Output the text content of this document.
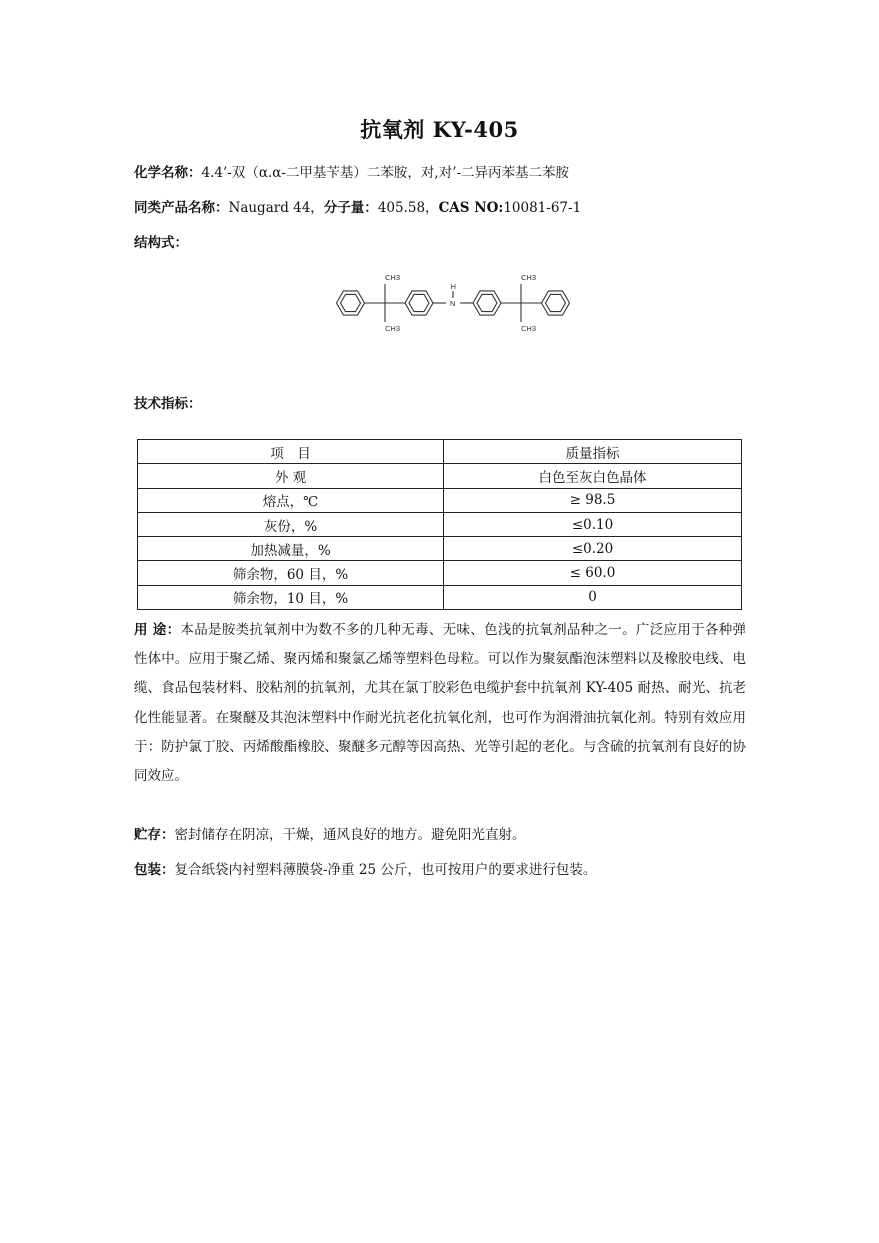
抗氧剂 KY-405
化学名称：4.4’-双（α.α-二甲基苄基）二苯胺，对,对’-二异丙苯基二苯胺
同类产品名称：Naugard 44，分子量：405.58，CAS NO:10081-67-1
结构式：
CH3
CH3
CH3
CH3
H
N
技术指标：
项　目	质量指标
外 观	白色至灰白色晶体
熔点，℃	≥ 98.5
灰份，%	≤0.10
加热减量，%	≤0.20
筛余物，60 目，%	≤ 60.0
筛余物，10 目，%	0

用 途：本品是胺类抗氧剂中为数不多的几种无毒、无味、色浅的抗氧剂品种之一。广泛应用于各种弹性体中。应用于聚乙烯、聚丙烯和聚氯乙烯等塑料色母粒。可以作为聚氨酯泡沫塑料以及橡胶电线、电缆、食品包装材料、胶粘剂的抗氧剂，尤其在氯丁胶彩色电缆护套中抗氧剂 KY-405 耐热、耐光、抗老化性能显著。在聚醚及其泡沫塑料中作耐光抗老化抗氧化剂，也可作为润滑油抗氧化剂。特别有效应用于：防护氯丁胶、丙烯酸酯橡胶、聚醚多元醇等因高热、光等引起的老化。与含硫的抗氧剂有良好的协同效应。

贮存：密封储存在阴凉，干燥，通风良好的地方。避免阳光直射。

包装：复合纸袋内衬塑料薄膜袋-净重 25 公斤，也可按用户的要求进行包装。
